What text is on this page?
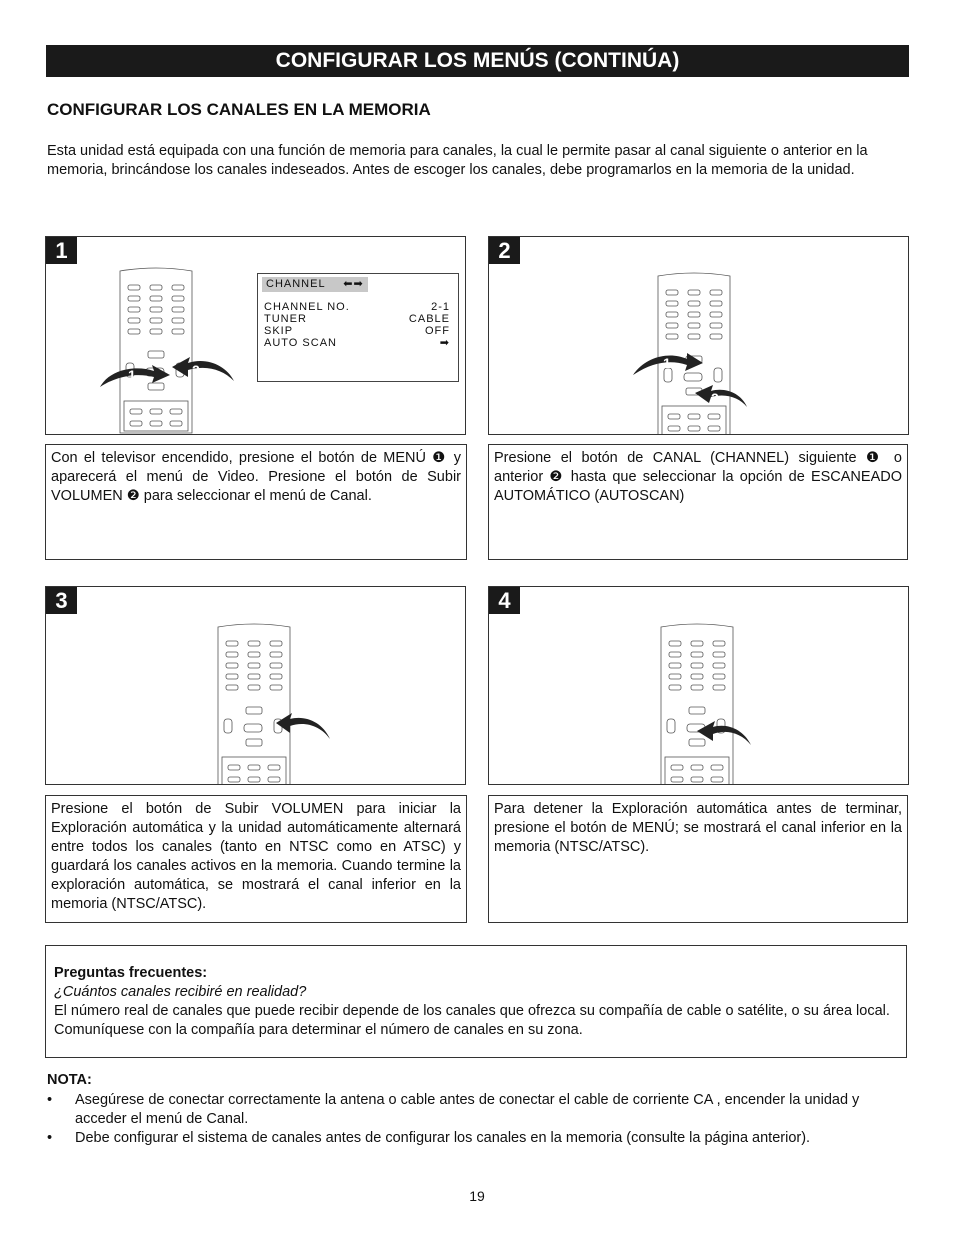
CONFIGURAR LOS MENÚS (CONTINÚA)
CONFIGURAR LOS CANALES EN LA MEMORIA
Esta unidad está equipada con una función de memoria para canales, la cual le permite pasar al canal siguiente o anterior en la memoria, brincándose los canales indeseados. Antes de escoger los canales, debe programarlos en la memoria de la unidad.
1
1	2
CHANNEL ⬅➡
CHANNEL NO.	2-1
TUNER	CABLE
SKIP	OFF
AUTO SCAN	➡
Con el televisor encendido, presione el botón de MENÚ ❶ y aparecerá el menú de Video. Presione el botón de Subir VOLUMEN ❷ para seleccionar el menú de Canal.
2
1
2
Presione el botón de CANAL (CHANNEL) siguiente ❶ o anterior ❷ hasta que seleccionar la opción de ESCANEADO AUTOMÁTICO (AUTOSCAN)
3
Presione el botón de Subir VOLUMEN para iniciar la Exploración automática y la unidad automáticamente alternará entre todos los canales (tanto en NTSC como en ATSC) y guardará los canales activos en la memoria. Cuando termine la exploración automática, se mostrará el canal inferior en la memoria (NTSC/ATSC).
4
Para detener la Exploración automática antes de terminar, presione el botón de MENÚ; se mostrará el canal inferior en la memoria (NTSC/ATSC).
Preguntas frecuentes:
¿Cuántos canales recibiré en realidad?
El número real de canales que puede recibir depende de los canales que ofrezca su compañía de cable o satélite, o su área local. Comuníquese con la compañía para determinar el número de canales en su zona.
NOTA:
• Asegúrese de conectar correctamente la antena o cable antes de conectar el cable de corriente CA , encender la unidad y acceder el menú de Canal.
• Debe configurar el sistema de canales antes de configurar los canales en la memoria (consulte la página anterior).
19
